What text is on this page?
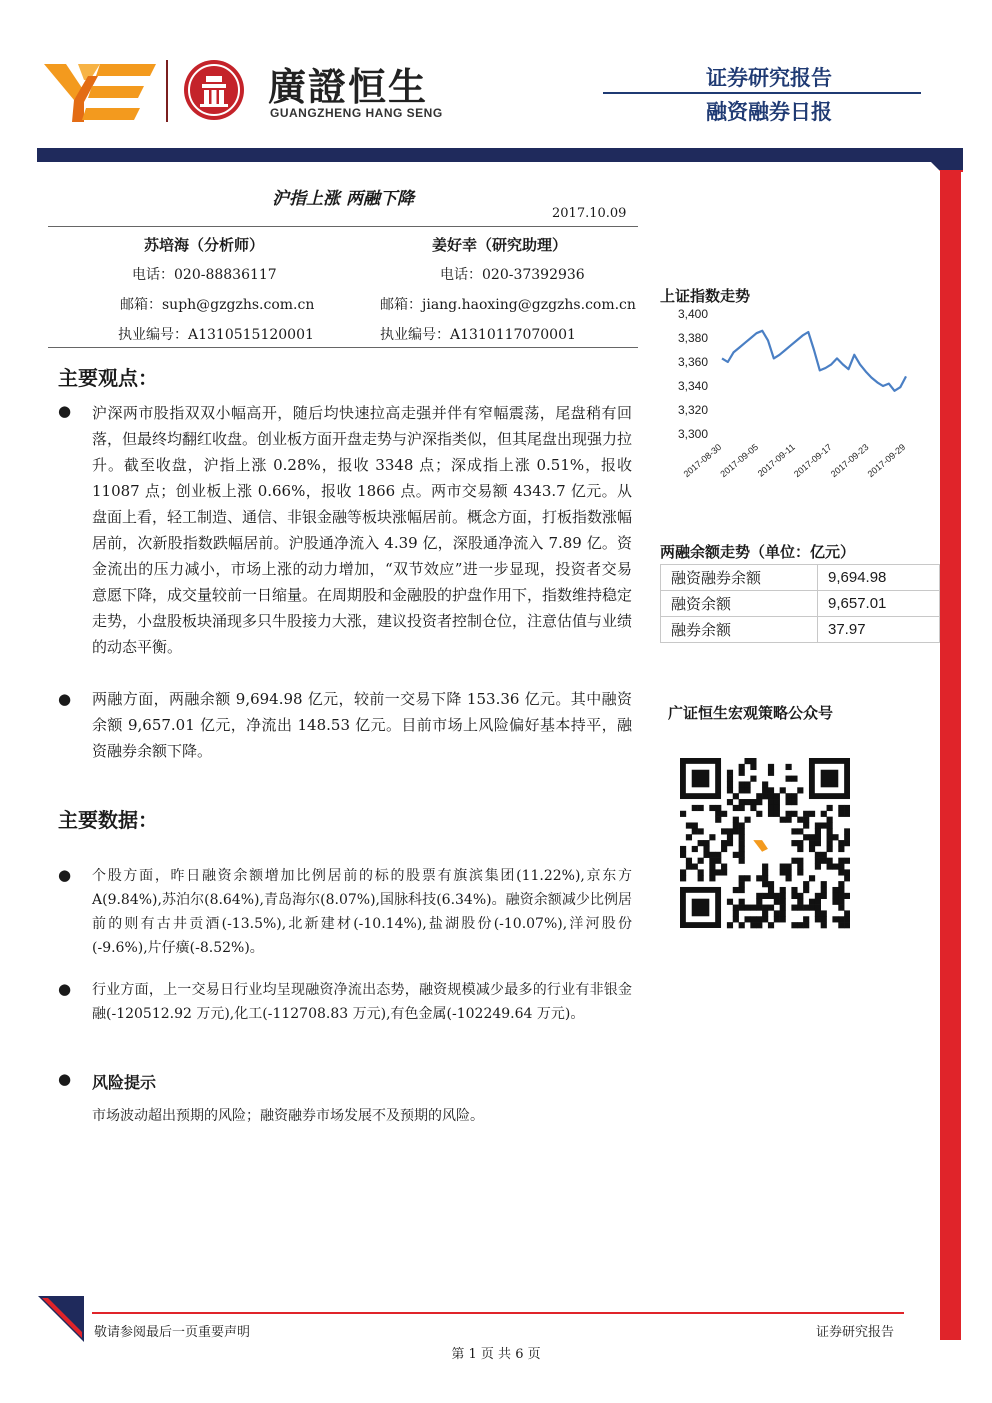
廣證恒生
GUANGZHENG HANG SENG
证券研究报告
融资融券日报
沪指上涨 两融下降
2017.10.09
苏培海（分析师）	姜好幸（研究助理）
电话：020-88836117	电话：020-37392936
邮箱：suph@gzgzhs.com.cn	邮箱：jiang.haoxing@gzgzhs.com.cn
执业编号：A1310515120001	执业编号：A1310117070001
主要观点：
● 沪深两市股指双双小幅高开，随后均快速拉高走强并伴有窄幅震荡，尾盘稍有回落，但最终均翻红收盘。创业板方面开盘走势与沪深指类似，但其尾盘出现强力拉升。截至收盘，沪指上涨 0.28%，报收 3348 点；深成指上涨 0.51%，报收 11087 点；创业板上涨 0.66%，报收 1866 点。两市交易额 4343.7 亿元。从盘面上看，轻工制造、通信、非银金融等板块涨幅居前。概念方面，打板指数涨幅居前，次新股指数跌幅居前。沪股通净流入 4.39 亿，深股通净流入 7.89 亿。资金流出的压力减小，市场上涨的动力增加，“双节效应”进一步显现，投资者交易意愿下降，成交量较前一日缩量。在周期股和金融股的护盘作用下，指数维持稳定走势，小盘股板块涌现多只牛股接力大涨，建议投资者控制仓位，注意估值与业绩的动态平衡。
● 两融方面，两融余额 9,694.98 亿元，较前一交易下降 153.36 亿元。其中融资余额 9,657.01 亿元，净流出 148.53 亿元。目前市场上风险偏好基本持平，融资融券余额下降。
主要数据：
● 个股方面，昨日融资余额增加比例居前的标的股票有旗滨集团(11.22%),京东方 A(9.84%),苏泊尔(8.64%),青岛海尔(8.07%),国脉科技(6.34%)。融资余额减少比例居前的则有古井贡酒(-13.5%),北新建材(-10.14%),盐湖股份(-10.07%),洋河股份(-9.6%),片仔癀(-8.52%)。
● 行业方面，上一交易日行业均呈现融资净流出态势，融资规模减少最多的行业有非银金融(-120512.92 万元),化工(-112708.83 万元),有色金属(-102249.64 万元)。
● 风险提示
市场波动超出预期的风险；融资融券市场发展不及预期的风险。
上证指数走势
3,300
3,320
3,340
3,360
3,380
3,400
2017-08-30
2017-09-05
2017-09-11
2017-09-17
2017-09-23
2017-09-29
两融余额走势（单位：亿元）
融资融券余额	9,694.98
融资余额	9,657.01
融券余额	37.97
广证恒生宏观策略公众号
敬请参阅最后一页重要声明	证券研究报告
第 1 页 共 6 页
